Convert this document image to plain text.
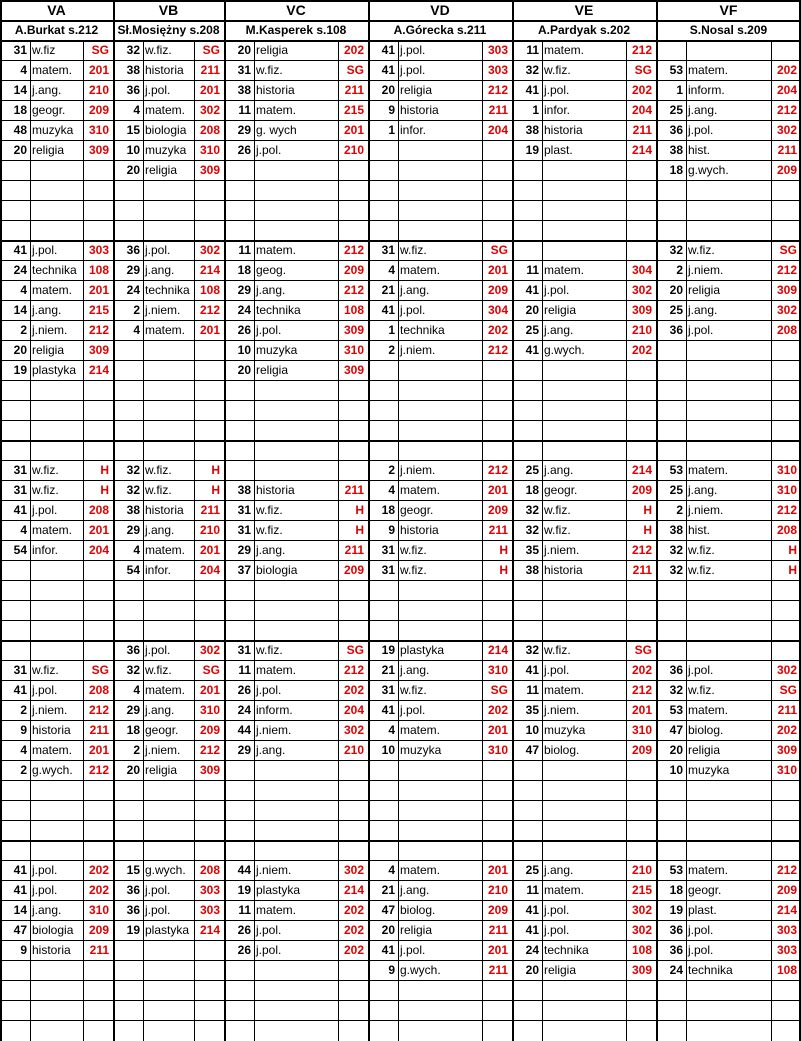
VA
A.Burkat s.212
31 w.fiz	SG
4 matem.	201
14 j.ang.	210
18 geogr.	209
48 muzyka	310
20 religia	309
41 j.pol.	303
24 technika	108
4 matem.	201
14 j.ang.	215
2 j.niem.	212
20 religia	309
19 plastyka	214
31 w.fiz.	H
31 w.fiz.	H
41 j.pol.	208
4 matem.	201
54 infor.	204
31 w.fiz.	SG
41 j.pol.	208
2 j.niem.	212
9 historia	211
4 matem.	201
2 g.wych.	212
41 j.pol.	202
41 j.pol.	202
14 j.ang.	310
47 biologia	209
9 historia	211
VB
Sł.Mosiężny s.208
32 w.fiz.	SG
38 historia	211
36 j.pol.	201
4 matem.	302
15 biologia	208
10 muzyka	310
20 religia	309
36 j.pol.	302
29 j.ang.	214
24 technika 108
2 j.niem.	212
4 matem.	201
32 w.fiz.	H
32 w.fiz.	H
38 historia	211
29 j.ang.	210
4 matem.	201
54 infor.	204
36 j.pol.	302
32 w.fiz.	SG
4 matem.	201
29 j.ang.	310
18 geogr.	209
2 j.niem.	212
20 religia	309
15 g.wych.	208
36 j.pol.	303
36 j.pol.	303
19 plastyka 214
VC
M.Kasperek s.108
20 religia	202
31 w.fiz.	SG
38 historia	211
11 matem.	215
29 g. wych	201
26 j.pol.	210
11 matem.	212
18 geog.	209
29 j.ang.	212
24 technika	108
26 j.pol.	309
10 muzyka	310
20 religia	309
38 historia	211
31 w.fiz.	H
31 w.fiz.	H
29 j.ang.	211
37 biologia	209
31 w.fiz.	SG
11 matem.	212
26 j.pol.	202
24 inform.	204
44 j.niem.	302
29 j.ang.	210
44 j.niem.	302
19 plastyka	214
11 matem.	202
26 j.pol.	202
26 j.pol.	202
VD
A.Górecka s.211
41 j.pol.	303
41 j.pol.	303
20 religia	212
9 historia	211
1 infor.	204
31 w.fiz.	SG
4 matem.	201
21 j.ang.	209
41 j.pol.	304
1 technika	202
2 j.niem.	212
2 j.niem.	212
4 matem.	201
18 geogr.	209
9 historia	211
31 w.fiz.	H
31 w.fiz.	H
19 plastyka	214
21 j.ang.	310
31 w.fiz.	SG
41 j.pol.	202
4 matem.	201
10 muzyka	310
4 matem.	201
21 j.ang.	210
47 biolog.	209
20 religia	211
41 j.pol.	201
9 g.wych.	211
VE
A.Pardyak s.202
11 matem.	212
32 w.fiz.	SG
41 j.pol.	202
1 infor.	204
38 historia	211
19 plast.	214
11 matem.	304
41 j.pol.	302
20 religia	309
25 j.ang.	210
41 g.wych.	202
25 j.ang.	214
18 geogr.	209
32 w.fiz.	H
32 w.fiz.	H
35 j.niem.	212
38 historia	211
32 w.fiz.	SG
41 j.pol.	202
11 matem.	212
35 j.niem.	201
10 muzyka	310
47 biolog.	209
25 j.ang.	210
11 matem.	215
41 j.pol.	302
41 j.pol.	302
24 technika	108
20 religia	309
VF
S.Nosal s.209
53 matem.	202
1 inform.	204
25 j.ang.	212
36 j.pol.	302
38 hist.	211
18 g.wych.	209
32 w.fiz.	SG
2 j.niem.	212
20 religia	309
25 j.ang.	302
36 j.pol.	208
53 matem.	310
25 j.ang.	310
2 j.niem.	212
38 hist.	208
32 w.fiz.	H
32 w.fiz.	H
36 j.pol.	302
32 w.fiz.	SG
53 matem.	211
47 biolog.	202
20 religia	309
10 muzyka	310
53 matem.	212
18 geogr.	209
19 plast.	214
36 j.pol.	303
36 j.pol.	303
24 technika	108
